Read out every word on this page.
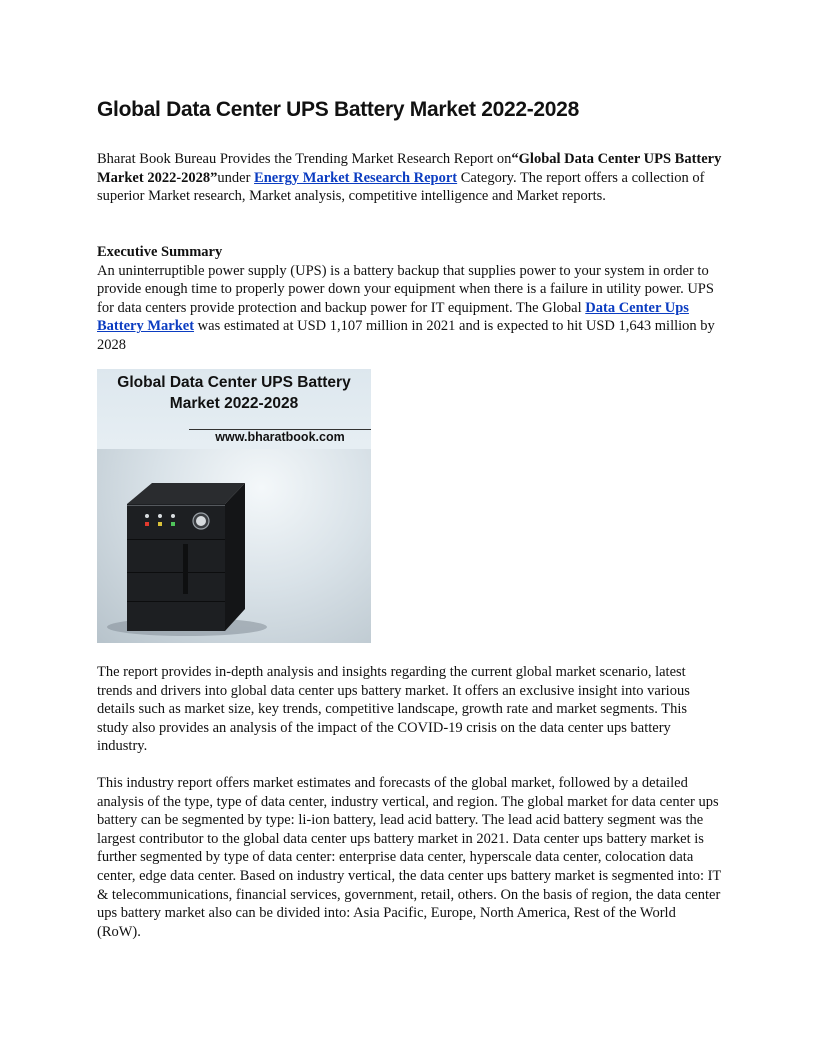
Global Data Center UPS Battery Market 2022-2028

Bharat Book Bureau Provides the Trending Market Research Report on“Global Data Center UPS Battery Market 2022-2028”under Energy Market Research Report Category. The report offers a collection of superior Market research, Market analysis, competitive intelligence and Market reports.

Executive Summary
An uninterruptible power supply (UPS) is a battery backup that supplies power to your system in order to provide enough time to properly power down your equipment when there is a failure in utility power. UPS for data centers provide protection and backup power for IT equipment. The Global Data Center Ups Battery Market was estimated at USD 1,107 million in 2021 and is expected to hit USD 1,643 million by 2028

Global Data Center UPS Battery
Market 2022-2028
www.bharatbook.com

The report provides in-depth analysis and insights regarding the current global market scenario, latest trends and drivers into global data center ups battery market. It offers an exclusive insight into various details such as market size, key trends, competitive landscape, growth rate and market segments. This study also provides an analysis of the impact of the COVID-19 crisis on the data center ups battery industry.

This industry report offers market estimates and forecasts of the global market, followed by a detailed analysis of the type, type of data center, industry vertical, and region. The global market for data center ups battery can be segmented by type: li-ion battery, lead acid battery. The lead acid battery segment was the largest contributor to the global data center ups battery market in 2021. Data center ups battery market is further segmented by type of data center: enterprise data center, hyperscale data center, colocation data center, edge data center. Based on industry vertical, the data center ups battery market is segmented into: IT & telecommunications, financial services, government, retail, others. On the basis of region, the data center ups battery market also can be divided into: Asia Pacific, Europe, North America, Rest of the World (RoW).
